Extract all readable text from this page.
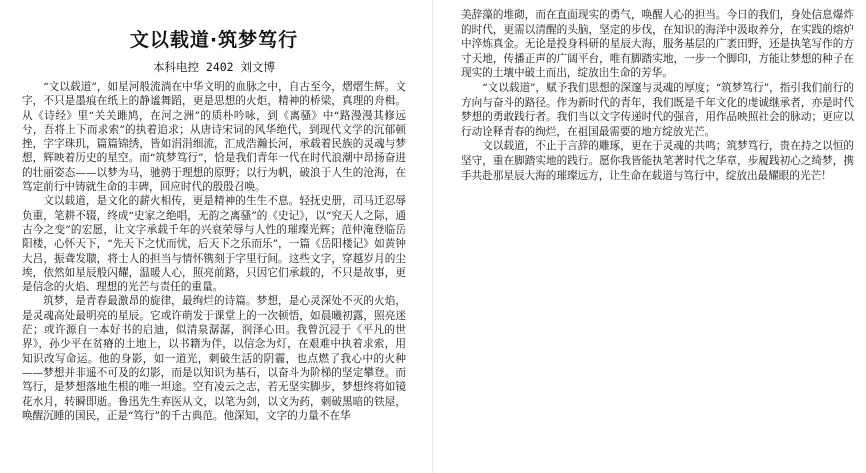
文以载道·筑梦笃行
本科电控 2402 刘文博

“文以载道”，如星河般流淌在中华文明的血脉之中，自古至今，熠熠生辉。文字，不只是墨痕在纸上的静谧舞蹈，更是思想的火炬，精神的桥梁，真理的舟楫。从《诗经》里“关关雎鸠，在河之洲”的质朴吟咏，到《离骚》中“路漫漫其修远兮，吾将上下而求索”的执着追求；从唐诗宋词的风华绝代，到现代文学的沉郁顿挫，字字珠玑，篇篇锦绣，皆如涓涓细流，汇成浩瀚长河，承载着民族的灵魂与梦想，辉映着历史的星空。而“筑梦笃行”，恰是我们青年一代在时代浪潮中昂扬奋进的壮丽姿态——以梦为马，驰骋于理想的原野；以行为帆，破浪于人生的沧海，在笃定前行中铸就生命的丰碑，回应时代的殷殷召唤。

文以载道，是文化的薪火相传，更是精神的生生不息。轻抚史册，司马迁忍辱负重，笔耕不辍，终成“史家之绝唱，无韵之离骚”的《史记》，以“究天人之际，通古今之变”的宏愿，让文字承载千年的兴衰荣辱与人性的璀璨光辉；范仲淹登临岳阳楼，心怀天下，“先天下之忧而忧，后天下之乐而乐”，一篇《岳阳楼记》如黄钟大吕，振聋发聩，将士人的担当与情怀镌刻于字里行间。这些文字，穿越岁月的尘埃，依然如星辰般闪耀，温暖人心，照亮前路，只因它们承载的，不只是故事，更是信念的火焰、理想的光芒与责任的重量。

筑梦，是青春最激昂的旋律，最绚烂的诗篇。梦想，是心灵深处不灭的火焰，是灵魂高处最明亮的星辰。它或许萌发于课堂上的一次顿悟，如晨曦初露，照亮迷茫；或许源自一本好书的启迪，似清泉潺潺，润泽心田。我曾沉浸于《平凡的世界》，孙少平在贫瘠的土地上，以书籍为伴，以信念为灯，在艰难中执着求索，用知识改写命运。他的身影，如一道光，刺破生活的阴霾，也点燃了我心中的火种——梦想并非遥不可及的幻影，而是以知识为基石，以奋斗为阶梯的坚定攀登。而笃行，是梦想落地生根的唯一坦途。空有凌云之志，若无坚实脚步，梦想终将如镜花水月，转瞬即逝。鲁迅先生弃医从文，以笔为剑，以文为药，刺破黑暗的铁屋，唤醒沉睡的国民，正是“笃行”的千古典范。他深知，文字的力量不在华

美辞藻的堆砌，而在直面现实的勇气，唤醒人心的担当。今日的我们，身处信息爆炸的时代，更需以清醒的头脑，坚定的步伐，在知识的海洋中汲取养分，在实践的熔炉中淬炼真金。无论是投身科研的星辰大海，服务基层的广袤田野，还是执笔写作的方寸天地，传播正声的广阔平台，唯有脚踏实地，一步一个脚印，方能让梦想的种子在现实的土壤中破土而出，绽放出生命的芳华。

“文以载道”，赋予我们思想的深邃与灵魂的厚度；“筑梦笃行”，指引我们前行的方向与奋斗的路径。作为新时代的青年，我们既是千年文化的虔诚继承者，亦是时代梦想的勇敢践行者。我们当以文字传递时代的强音，用作品映照社会的脉动；更应以行动诠释青春的绚烂，在祖国最需要的地方绽放光芒。

文以载道，不止于言辞的雕琢，更在于灵魂的共鸣；筑梦笃行，贵在持之以恒的坚守，重在脚踏实地的践行。愿你我皆能执笔著时代之华章，步履践初心之绮梦，携手共赴那星辰大海的璀璨远方，让生命在载道与笃行中，绽放出最耀眼的光芒！
